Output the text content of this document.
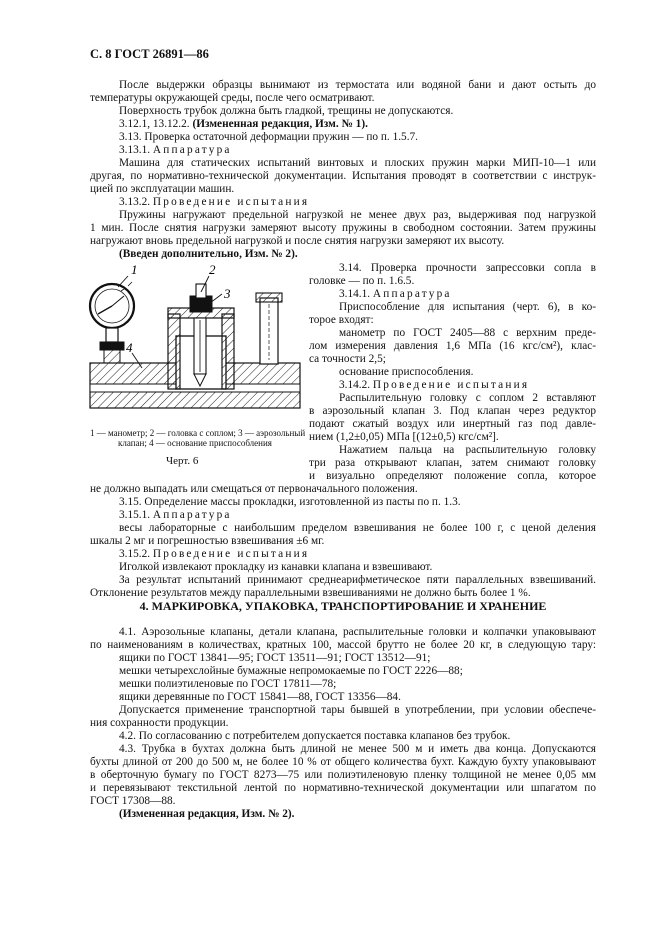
С. 8 ГОСТ 26891—86
После выдержки образцы вынимают из термостата или водяной бани и дают остыть до
температуры окружающей среды, после чего осматривают.
Поверхность трубок должна быть гладкой, трещины не допускаются.
3.12.1, 13.12.2. (Измененная редакция, Изм. № 1).
3.13. Проверка остаточной деформации пружин — по п. 1.5.7.
3.13.1. Аппаратура
Машина для статических испытаний винтовых и плоских пружин марки МИП-10—1 или
другая, по нормативно-технической документации. Испытания проводят в соответствии с инструк-
цией по эксплуатации машин.
3.13.2. Проведение испытания
Пружины нагружают предельной нагрузкой не менее двух раз, выдерживая под нагрузкой
1 мин. После снятия нагрузки замеряют высоту пружины в свободном состоянии. Затем пружины
нагружают вновь предельной нагрузкой и после снятия нагрузки замеряют их высоту.
(Введен дополнительно, Изм. № 2).
1	2
3
4
1 — манометр; 2 — головка с соплом; 3 — аэрозольный
клапан; 4 — основание приспособления
Черт. 6
3.14. Проверка прочности запрессовки сопла в
головке — по п. 1.6.5.
3.14.1. Аппаратура
Приспособление для испытания (черт. 6), в ко-
торое входят:
манометр по ГОСТ 2405—88 с верхним преде-
лом измерения давления 1,6 МПа (16 кгс/см²), клас-
са точности 2,5;
основание приспособления.
3.14.2. Проведение испытания
Распылительную головку с соплом 2 вставляют
в аэрозольный клапан 3. Под клапан через редуктор
подают сжатый воздух или инертный газ под давле-
нием (1,2±0,05) МПа [(12±0,5) кгс/см²].
Нажатием пальца на распылительную головку
три раза открывают клапан, затем снимают головку
и визуально определяют положение сопла, которое
не должно выпадать или смещаться от первоначального положения.
3.15. Определение массы прокладки, изготовленной из пасты по п. 1.3.
3.15.1. Аппаратура
весы лабораторные с наибольшим пределом взвешивания не более 100 г, с ценой деления
шкалы 2 мг и погрешностью взвешивания ±6 мг.
3.15.2. Проведение испытания
Иголкой извлекают прокладку из канавки клапана и взвешивают.
За результат испытаний принимают среднеарифметическое пяти параллельных взвешиваний.
Отклонение результатов между параллельными взвешиваниями не должно быть более 1 %.
4. МАРКИРОВКА, УПАКОВКА, ТРАНСПОРТИРОВАНИЕ И ХРАНЕНИЕ
4.1. Аэрозольные клапаны, детали клапана, распылительные головки и колпачки упаковывают
по наименованиям в количествах, кратных 100, массой брутто не более 20 кг, в следующую тару:
ящики по ГОСТ 13841—95; ГОСТ 13511—91; ГОСТ 13512—91;
мешки четырехслойные бумажные непромокаемые по ГОСТ 2226—88;
мешки полиэтиленовые по ГОСТ 17811—78;
ящики деревянные по ГОСТ 15841—88, ГОСТ 13356—84.
Допускается применение транспортной тары бывшей в употреблении, при условии обеспече-
ния сохранности продукции.
4.2. По согласованию с потребителем допускается поставка клапанов без трубок.
4.3. Трубка в бухтах должна быть длиной не менее 500 м и иметь два конца. Допускаются
бухты длиной от 200 до 500 м, не более 10 % от общего количества бухт. Каждую бухту упаковывают
в оберточную бумагу по ГОСТ 8273—75 или полиэтиленовую пленку толщиной не менее 0,05 мм
и перевязывают текстильной лентой по нормативно-технической документации или шпагатом по
ГОСТ 17308—88.
(Измененная редакция, Изм. № 2).
